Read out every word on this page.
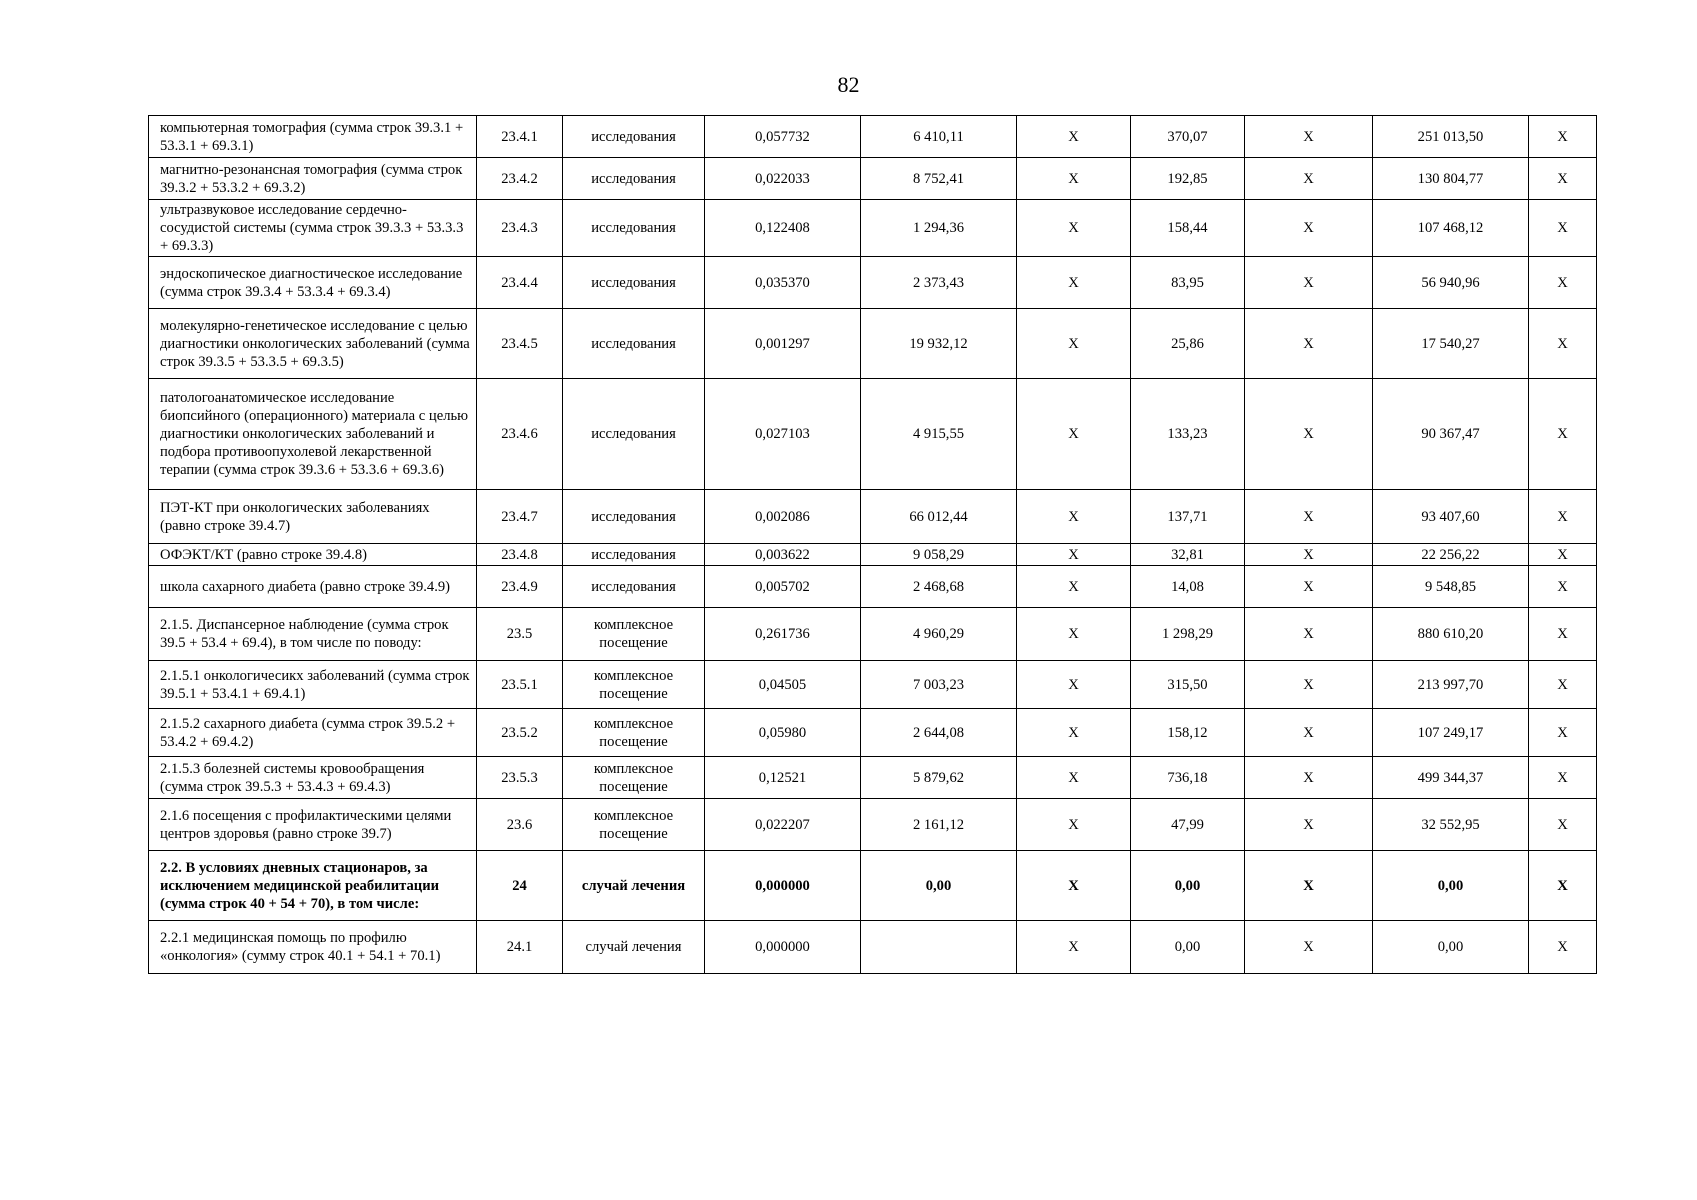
82
компьютерная томография (сумма строк 39.3.1 + 53.3.1 + 69.3.1)	23.4.1	исследования	0,057732	6 410,11	X	370,07	X	251 013,50	X
магнитно-резонансная томография (сумма строк 39.3.2 + 53.3.2 + 69.3.2)	23.4.2	исследования	0,022033	8 752,41	X	192,85	X	130 804,77	X
ультразвуковое исследование сердечно-сосудистой системы (сумма строк 39.3.3 + 53.3.3 + 69.3.3)	23.4.3	исследования	0,122408	1 294,36	X	158,44	X	107 468,12	X
эндоскопическое диагностическое исследование (сумма строк 39.3.4 + 53.3.4 + 69.3.4)	23.4.4	исследования	0,035370	2 373,43	X	83,95	X	56 940,96	X
молекулярно-генетическое исследование с целью диагностики онкологических заболеваний (сумма строк 39.3.5 + 53.3.5 + 69.3.5)	23.4.5	исследования	0,001297	19 932,12	X	25,86	X	17 540,27	X
патологоанатомическое исследование биопсийного (операционного) материала с целью диагностики онкологических заболеваний и подбора противоопухолевой лекарственной терапии (сумма строк 39.3.6 + 53.3.6 + 69.3.6)	23.4.6	исследования	0,027103	4 915,55	X	133,23	X	90 367,47	X
ПЭТ-КТ при онкологических заболеваниях (равно строке 39.4.7)	23.4.7	исследования	0,002086	66 012,44	X	137,71	X	93 407,60	X
ОФЭКТ/КТ (равно строке 39.4.8)	23.4.8	исследования	0,003622	9 058,29	X	32,81	X	22 256,22	X
школа сахарного диабета (равно строке 39.4.9)	23.4.9	исследования	0,005702	2 468,68	X	14,08	X	9 548,85	X
2.1.5. Диспансерное наблюдение (сумма строк 39.5 + 53.4 + 69.4), в том числе по поводу:	23.5	комплексное посещение	0,261736	4 960,29	X	1 298,29	X	880 610,20	X
2.1.5.1 онкологичесикх заболеваний (сумма строк 39.5.1 + 53.4.1 + 69.4.1)	23.5.1	комплексное посещение	0,04505	7 003,23	X	315,50	X	213 997,70	X
2.1.5.2 сахарного диабета (сумма строк 39.5.2 + 53.4.2 + 69.4.2)	23.5.2	комплексное посещение	0,05980	2 644,08	X	158,12	X	107 249,17	X
2.1.5.3 болезней системы кровообращения (сумма строк 39.5.3 + 53.4.3 + 69.4.3)	23.5.3	комплексное посещение	0,12521	5 879,62	X	736,18	X	499 344,37	X
2.1.6 посещения с профилактическими целями центров здоровья (равно строке 39.7)	23.6	комплексное посещение	0,022207	2 161,12	X	47,99	X	32 552,95	X
2.2. В условиях дневных стационаров, за исключением медицинской реабилитации (сумма строк 40 + 54 + 70), в том числе:	24	случай лечения	0,000000	0,00	X	0,00	X	0,00	X
2.2.1 медицинская помощь по профилю «онкология» (сумму строк 40.1 + 54.1 + 70.1)	24.1	случай лечения	0,000000		X	0,00	X	0,00	X
